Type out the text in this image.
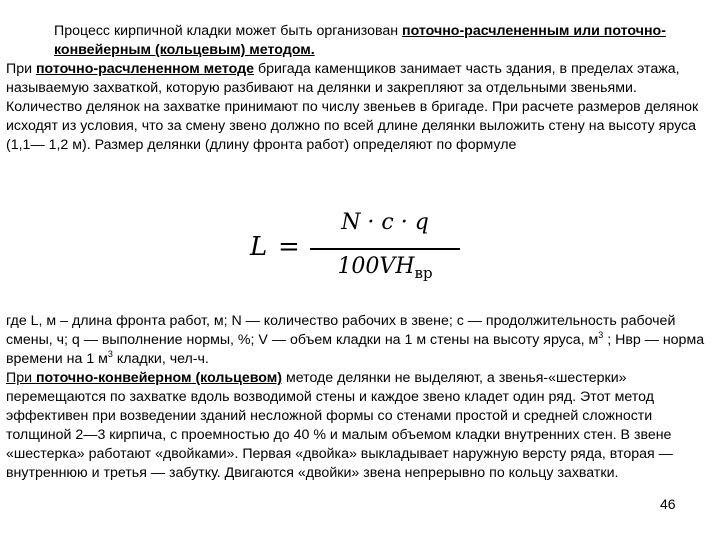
Процесс кирпичной кладки может быть организован поточно-расчлененным или поточно-конвейерным (кольцевым) методом.
При поточно-расчлененном методе бригада каменщиков занимает часть здания, в пределах этажа, называемую захваткой, которую разбивают на делянки и закрепляют за отдельными звеньями. Количество делянок на захватке принимают по числу звеньев в бригаде. При расчете размеров делянок исходят из условия, что за смену звено должно по всей длине делянки выложить стену на высоту яруса (1,1— 1,2 м). Размер делянки (длину фронта работ) определяют по формуле
L =
N · c · q
$100VH_{вр}$
где L, м – длина фронта работ, м; N — количество рабочих в звене; с — продолжительность рабочей смены, ч; q — выполнение нормы, %; V — объем кладки на 1 м стены на высоту яруса, $м^3$ ; Нвр — норма времени на 1 $м^3$ кладки, чел-ч.
При поточно-конвейерном (кольцевом) методе делянки не выделяют, а звенья-«шестерки» перемещаются по захватке вдоль возводимой стены и каждое звено кладет один ряд. Этот метод эффективен при возведении зданий несложной формы со стенами простой и средней сложности толщиной 2—3 кирпича, с проемностью до 40 % и малым объемом кладки внутренних стен. В звене «шестерка» работают «двойками». Первая «двойка» выкладывает наружную версту ряда, вторая — внутреннюю и третья — забутку. Двигаются «двойки» звена непрерывно по кольцу захватки.
46
